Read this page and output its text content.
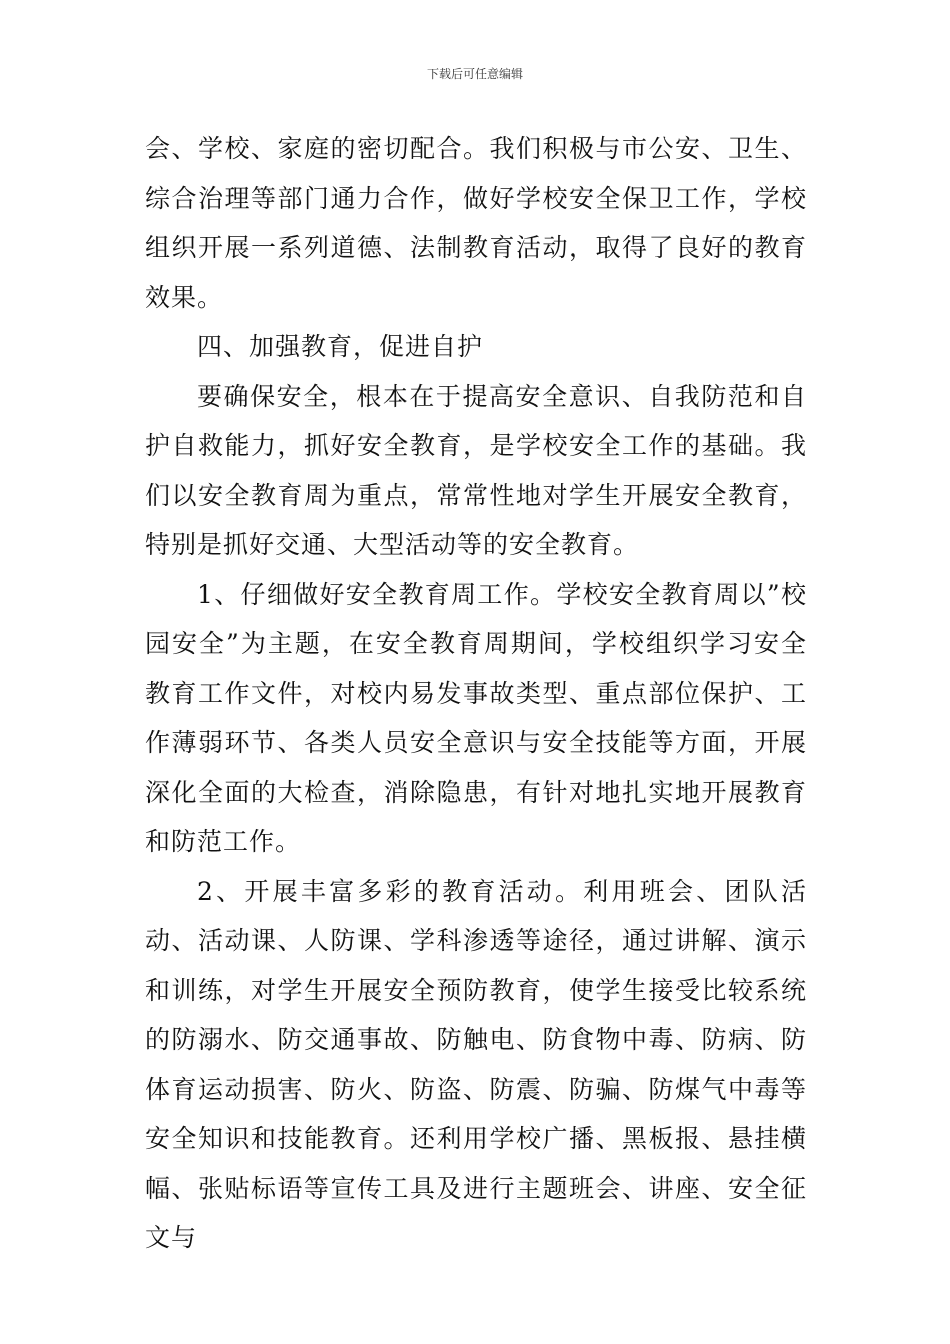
下载后可任意编辑

会、学校、家庭的密切配合。我们积极与市公安、卫生、综合治理等部门通力合作，做好学校安全保卫工作，学校组织开展一系列道德、法制教育活动，取得了良好的教育效果。

四、加强教育，促进自护

要确保安全，根本在于提高安全意识、自我防范和自护自救能力，抓好安全教育，是学校安全工作的基础。我们以安全教育周为重点，常常性地对学生开展安全教育，特别是抓好交通、大型活动等的安全教育。

1、仔细做好安全教育周工作。学校安全教育周以”校园安全”为主题，在安全教育周期间，学校组织学习安全教育工作文件，对校内易发事故类型、重点部位保护、工作薄弱环节、各类人员安全意识与安全技能等方面，开展深化全面的大检查，消除隐患，有针对地扎实地开展教育和防范工作。

2、开展丰富多彩的教育活动。利用班会、团队活动、活动课、人防课、学科渗透等途径，通过讲解、演示和训练，对学生开展安全预防教育，使学生接受比较系统的防溺水、防交通事故、防触电、防食物中毒、防病、防体育运动损害、防火、防盗、防震、防骗、防煤气中毒等安全知识和技能教育。还利用学校广播、黑板报、悬挂横幅、张贴标语等宣传工具及进行主题班会、讲座、安全征文与
